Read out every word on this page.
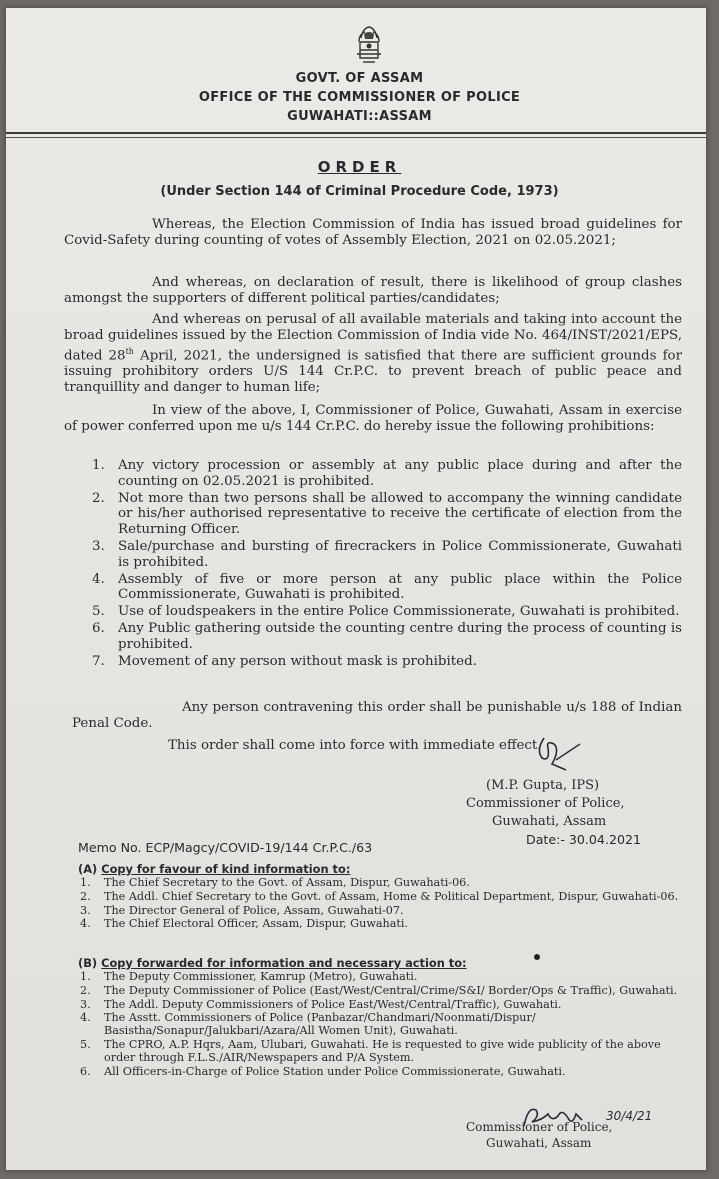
GOVT. OF ASSAM
OFFICE OF THE COMMISSIONER OF POLICE
GUWAHATI::ASSAM
ORDER
(Under Section 144 of Criminal Procedure Code, 1973)
Whereas, the Election Commission of India has issued broad guidelines for Covid-Safety during counting of votes of Assembly Election, 2021 on 02.05.2021;
And whereas, on declaration of result, there is likelihood of group clashes amongst the supporters of different political parties/candidates;
And whereas on perusal of all available materials and taking into account the broad guidelines issued by the Election Commission of India vide No. 464/INST/2021/EPS, dated 28th April, 2021, the undersigned is satisfied that there are sufficient grounds for issuing prohibitory orders U/S 144 Cr.P.C. to prevent breach of public peace and tranquillity and danger to human life;
In view of the above, I, Commissioner of Police, Guwahati, Assam in exercise of power conferred upon me u/s 144 Cr.P.C. do hereby issue the following prohibitions:
1. Any victory procession or assembly at any public place during and after the counting on 02.05.2021 is prohibited.
2. Not more than two persons shall be allowed to accompany the winning candidate or his/her authorised representative to receive the certificate of election from the Returning Officer.
3. Sale/purchase and bursting of firecrackers in Police Commissionerate, Guwahati is prohibited.
4. Assembly of five or more person at any public place within the Police Commissionerate, Guwahati is prohibited.
5. Use of loudspeakers in the entire Police Commissionerate, Guwahati is prohibited.
6. Any Public gathering outside the counting centre during the process of counting is prohibited.
7. Movement of any person without mask is prohibited.
Any person contravening this order shall be punishable u/s 188 of Indian Penal Code.
This order shall come into force with immediate effect.
(M.P. Gupta, IPS)
Commissioner of Police,
Guwahati, Assam
Memo No. ECP/Magcy/COVID-19/144 Cr.P.C./63
Date:- 30.04.2021
(A) Copy for favour of kind information to:
1. The Chief Secretary to the Govt. of Assam, Dispur, Guwahati-06.
2. The Addl. Chief Secretary to the Govt. of Assam, Home & Political Department, Dispur, Guwahati-06.
3. The Director General of Police, Assam, Guwahati-07.
4. The Chief Electoral Officer, Assam, Dispur, Guwahati.
(B) Copy forwarded for information and necessary action to:
1. The Deputy Commissioner, Kamrup (Metro), Guwahati.
2. The Deputy Commissioner of Police (East/West/Central/Crime/S&I/ Border/Ops & Traffic), Guwahati.
3. The Addl. Deputy Commissioners of Police East/West/Central/Traffic), Guwahati.
4. The Asstt. Commissioners of Police (Panbazar/Chandmari/Noonmati/Dispur/ Basistha/Sonapur/Jalukbari/Azara/All Women Unit), Guwahati.
5. The CPRO, A.P. Hqrs, Aam, Ulubari, Guwahati. He is requested to give wide publicity of the above order through F.L.S./AIR/Newspapers and P/A System.
6. All Officers-in-Charge of Police Station under Police Commissionerate, Guwahati.
30/4/21
Commissioner of Police,
Guwahati, Assam
